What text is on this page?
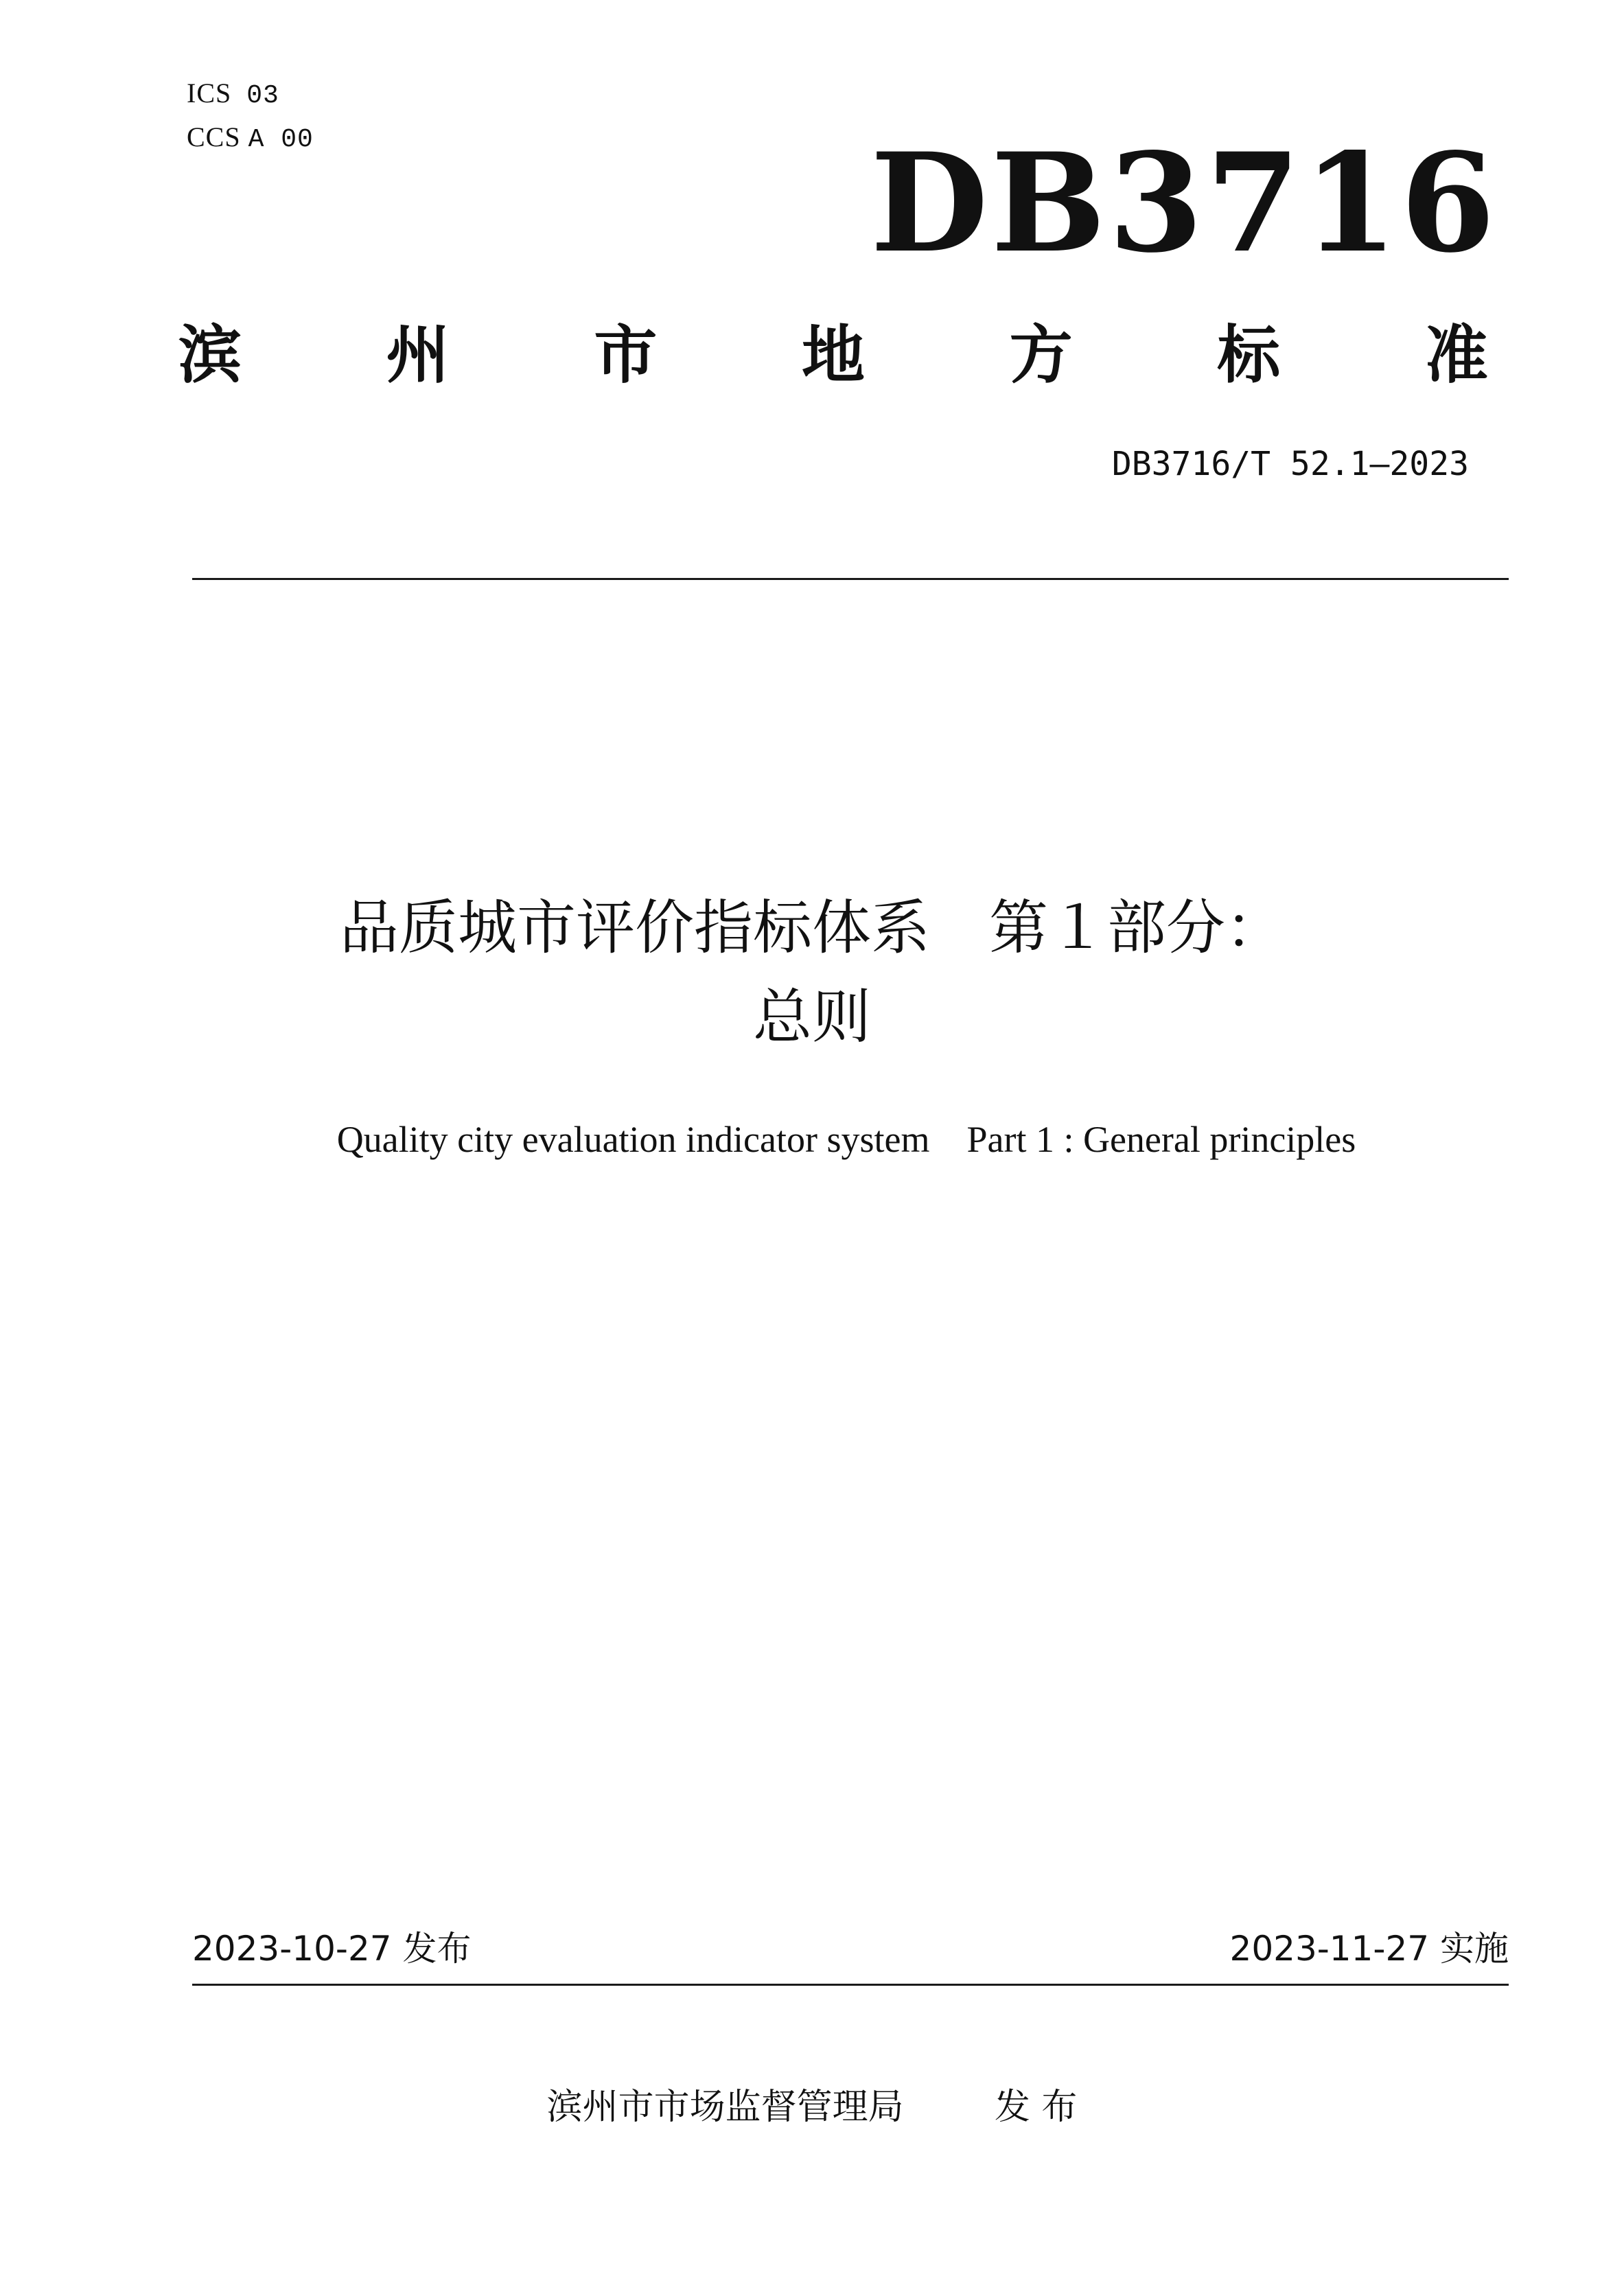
ICS 03
CCS A 00	DB3716
滨 州 市 地 方 标 准
DB3716/T 52.1—2023
品质城市评价指标体系　第１部分：
总则
Quality city evaluation indicator system    Part 1 : General principles
2023-10-27 发布	2023-11-27 实施
滨州市市场监督管理局	发 布
